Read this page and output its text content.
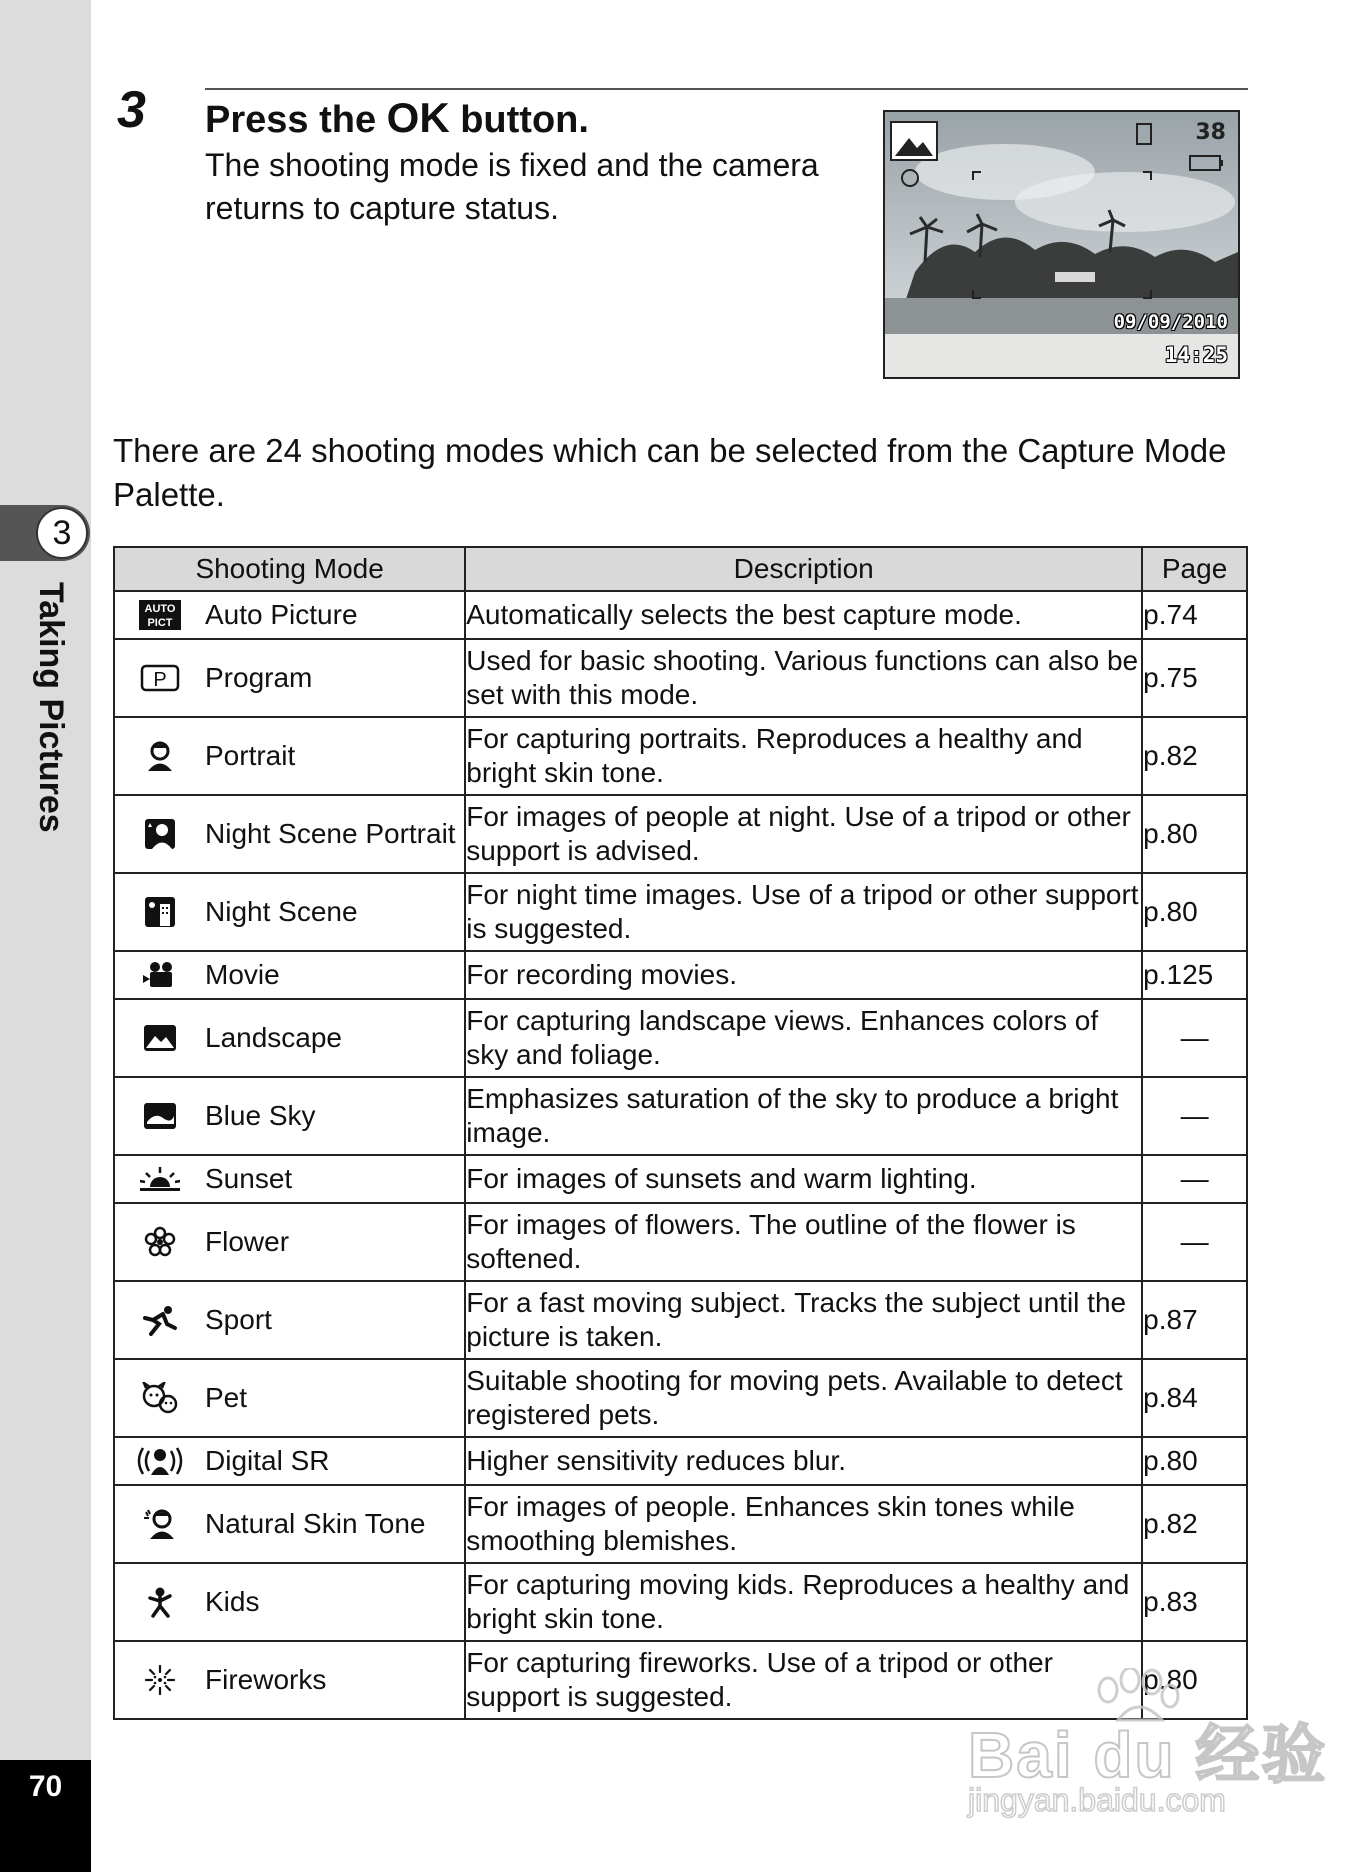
3
Taking Pictures
70
3 Press the OK button.
The shooting mode is fixed and the camera returns to capture status.
38
09/09/2010
14:25
There are 24 shooting modes which can be selected from the Capture Mode Palette.
Shooting Mode	Description	Page

AUTO
PICT Auto Picture	Automatically selects the best capture mode.	p.74

P Program	Used for basic shooting. Various functions can also be set with this mode.	p.75

Portrait	For capturing portraits. Reproduces a healthy and bright skin tone.	p.82

Night Scene Portrait	For images of people at night. Use of a tripod or other support is advised.	p.80

Night Scene	For night time images. Use of a tripod or other support is suggested.	p.80

Movie	For recording movies.	p.125

Landscape	For capturing landscape views. Enhances colors of sky and foliage.	—

Blue Sky	Emphasizes saturation of the sky to produce a bright image.	—

Sunset	For images of sunsets and warm lighting.	—

Flower	For images of flowers. The outline of the flower is softened.	—

Sport	For a fast moving subject. Tracks the subject until the picture is taken.	p.87

Pet	Suitable shooting for moving pets. Available to detect registered pets.	p.84

Digital SR	Higher sensitivity reduces blur.	p.80

Natural Skin Tone	For images of people. Enhances skin tones while smoothing blemishes.	p.82

Kids	For capturing moving kids. Reproduces a healthy and bright skin tone.	p.83

Fireworks	For capturing fireworks. Use of a tripod or other support is suggested.	p.80
Bai du 经验
jingyan.baidu.com
